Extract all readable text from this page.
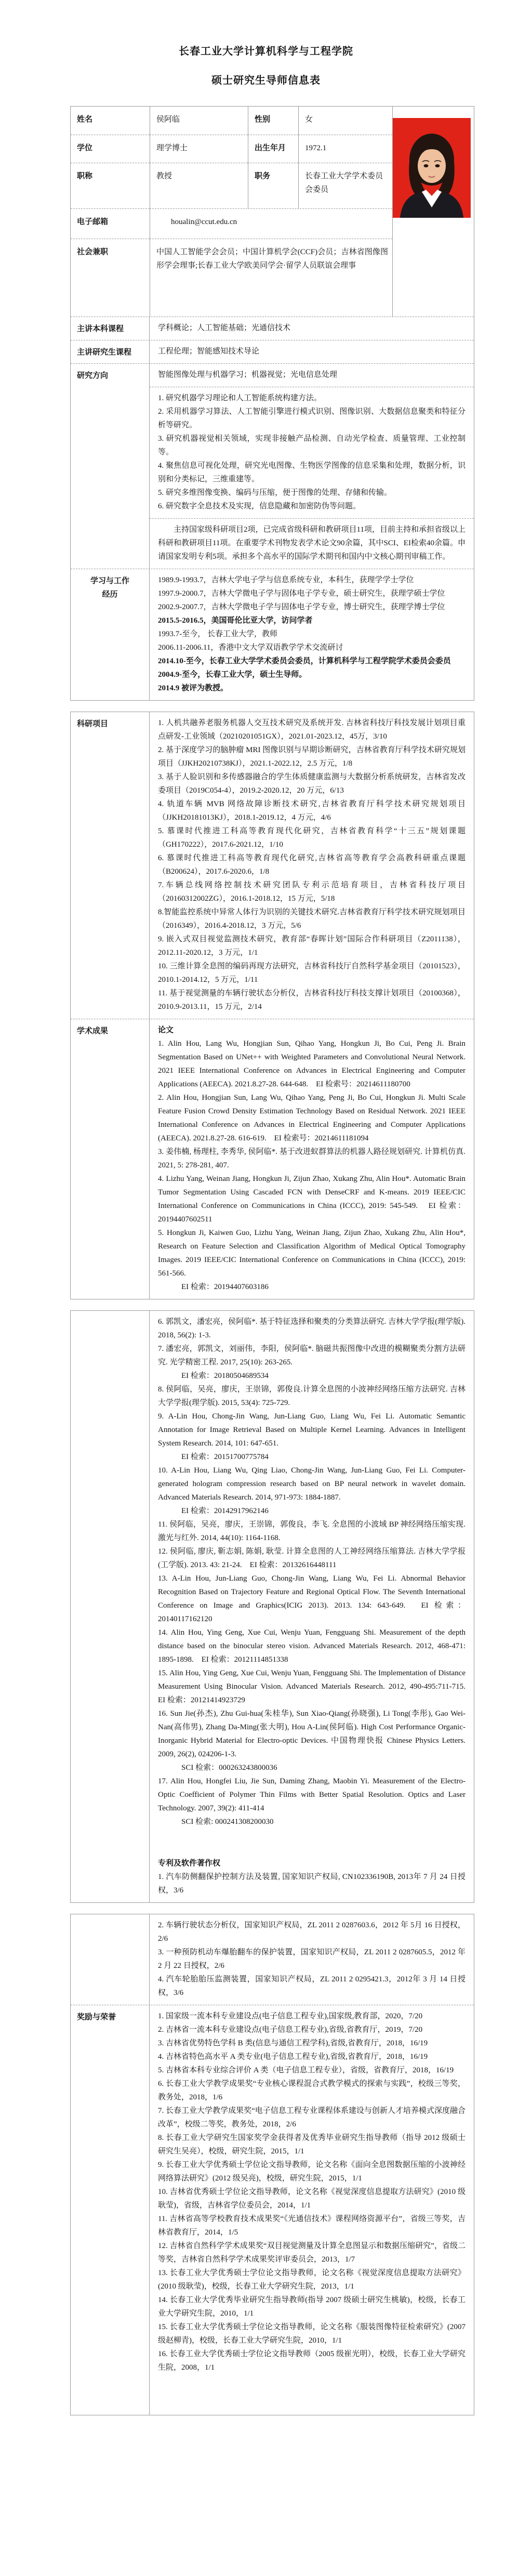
长春工业大学计算机科学与工程学院
硕士研究生导师信息表
姓名	侯阿临	性别	女
学位	理学博士	出生年月	1972.1
职称	教授	职务	长春工业大学学术委员会委员
电子邮箱	houalin@ccut.edu.cn
社会兼职	中国人工智能学会会员；中国计算机学会(CCF)会员；吉林省图像图形学会理事;长春工业大学欧美同学会·留学人员联谊会理事
主讲本科课程	学科概论；人工智能基础；光通信技术
主讲研究生课程	工程伦理；智能感知技术导论
研究方向	智能图像处理与机器学习；机器视觉；光电信息处理
1. 研究机器学习理论和人工智能系统构建方法。
2. 采用机器学习算法、人工智能引擎进行模式识别、图像识别、大数据信息聚类和特征分析等研究。
3. 研究机器视觉相关领域，实现非接触产品检测、自动光学检查、质量管理、工业控制等。
4. 聚焦信息可视化处理，研究光电图像、生物医学图像的信息采集和处理，数据分析，识别和分类标记，三维重建等。
5. 研究多维图像变换、编码与压缩，便于图像的处理、存储和传输。
6. 研究数字全息技术及实现，信息隐藏和加密防伪等问题。
主持国家级科研项目2项，已完成省级科研和教研项目11项，目前主持和承担省级以上科研和教研项目11项。在重要学术刊物发表学术论文90余篇，其中SCI、EI检索40余篇。申请国家发明专利5项。承担多个高水平的国际学术期刊和国内中文核心期刊审稿工作。
学习与工作
经历
1989.9-1993.7，吉林大学电子学与信息系统专业，本科生，获理学学士学位
1997.9-2000.7，吉林大学微电子学与固体电子学专业，硕士研究生，获理学硕士学位
2002.9-2007.7，吉林大学微电子学与固体电子学专业，博士研究生，获理学博士学位
2015.5-2016.5，美国哥伦比亚大学，访问学者
1993.7-至今， 长春工业大学，教师
2006.11-2006.11，香港中文大学双语教学学术交流研讨
2014.10-至今，长春工业大学学术委员会委员，计算机科学与工程学院学术委员会委员
2004.9-至今，长春工业大学，硕士生导师。
2014.9 被评为教授。
科研项目	1. 人机共融养老服务机器人交互技术研究及系统开发. 吉林省科技厅科技发展计划项目重点研发-工业领域（20210201051GX），2021.01-2023.12，45万，3/10
2. 基于深度学习的脑肿瘤 MRI 图像识别与早期诊断研究，吉林省教育厅科学技术研究规划项目（JJKH20210738KJ），2021.1-2022.12，2.5 万元，1/8
3. 基于人脸识别和多传感器融合的学生体质健康监测与大数据分析系统研发，吉林省发改委项目（2019C054-4），2019.2-2020.12，20 万元，6/13
4. 轨道车辆 MVB 网络故障诊断技术研究,吉林省教育厅科学技术研究规划项目（JJKH20181013KJ），2018.1-2019.12，4 万元，4/6
5. 慕课时代推进工科高等教育现代化研究，吉林省教育科学“十三五”规划课题（GH170222），2017.6-2021.12，1/10
6. 慕课时代推进工科高等教育现代化研究,吉林省高等教育学会高教科研重点课题（B200624），2017.6-2020.6，1/8
7.车辆总线网络控制技术研究团队专利示范培育项目，吉林省科技厅项目（20160312002ZG），2016.1-2018.12，15 万元，5/18
8.智能监控系统中异常人体行为识别的关键技术研究.吉林省教育厅科学技术研究规划项目（2016349），2016.4-2018.12，3 万元，5/6
9. 嵌入式双目视觉监测技术研究，教育部“春晖计划”国际合作科研项目（Z2011138），2012.11-2020.12，3 万元，1/1
10. 三维计算全息图的编码再现方法研究，吉林省科技厅自然科学基金项目（20101523），2010.1-2014.12，5 万元，1/11
11. 基于视觉测量的车辆行驶状态分析仪，吉林省科技厅科技支撑计划项目（20100368），2010.9-2013.11，15 万元，2/14
学术成果	论文
1. Alin Hou, Lang Wu, Hongjian Sun, Qihao Yang, Hongkun Ji, Bo Cui, Peng Ji. Brain Segmentation Based on UNet++ with Weighted Parameters and Convolutional Neural Network. 2021 IEEE International Conference on Advances in Electrical Engineering and Computer Applications (AEECA). 2021.8.27-28. 644-648.　EI 检索号：20214611180700
2. Alin Hou, Hongjian Sun, Lang Wu, Qihao Yang, Peng Ji, Bo Cui, Hongkun Ji. Multi Scale Feature Fusion Crowd Density Estimation Technology Based on Residual Network. 2021 IEEE International Conference on Advances in Electrical Engineering and Computer Applications (AEECA). 2021.8.27-28. 616-619.　EI 检索号：20214611181094
3. 姜伟楠, 杨理柱, 李秀华, 侯阿临*. 基于改进蚁群算法的机器人路径规划研究. 计算机仿真. 2021, 5: 278-281, 407.
4. Lizhu Yang, Weinan Jiang, Hongkun Ji, Zijun Zhao, Xukang Zhu, Alin Hou*. Automatic Brain Tumor Segmentation Using Cascaded FCN with DenseCRF and K-means. 2019 IEEE/CIC International Conference on Communications in China (ICCC), 2019: 545-549.　EI 检索：20194407602511
5. Hongkun Ji, Kaiwen Guo, Lizhu Yang, Weinan Jiang, Zijun Zhao, Xukang Zhu, Alin Hou*, Research on Feature Selection and Classification Algorithm of Medical Optical Tomography Images. 2019 IEEE/CIC International Conference on Communications in China (ICCC), 2019: 561-566.
EI 检索：20194407603186
6. 郭凯文，潘宏亮，侯阿临*. 基于特征选择和聚类的分类算法研究. 吉林大学学报(理学版). 2018, 56(2): 1-3.
7. 潘宏亮，郭凯文，刘丽伟，李阳，侯阿临*. 脑磁共振图像中改进的模糊聚类分割方法研究. 光学精密工程. 2017, 25(10): 263-265.
EI 检索：20180504689534
8. 侯阿临，吴亮，廖庆，王崇锦，郭俊良.计算全息图的小波神经网络压缩方法研究. 吉林大学学报(理学版). 2015, 53(4): 725-729.
9. A-Lin Hou, Chong-Jin Wang, Jun-Liang Guo, Liang Wu, Fei Li. Automatic Semantic Annotation for Image Retrieval Based on Multiple Kernel Learning. Advances in Intelligent System Research. 2014, 101: 647-651.
EI 检索：20151700775784
10. A-Lin Hou, Liang Wu, Qing Liao, Chong-Jin Wang, Jun-Liang Guo, Fei Li. Computer-generated hologram compression research based on BP neural network in wavelet domain. Advanced Materials Research. 2014, 971-973: 1884-1887.
EI 检索：20142917962146
11. 侯阿临，吴亮，廖庆，王崇锦，郭俊良，李飞. 全息图的小波域 BP 神经网络压缩实现. 激光与红外. 2014, 44(10): 1164-1168.
12. 侯阿临, 廖庆, 靳志娟, 陈娟, 耿莹. 计算全息图的人工神经网络压缩算法. 吉林大学学报(工学版). 2013. 43: 21-24.　EI 检索：20132616448111
13. A-Lin Hou, Jun-Liang Guo, Chong-Jin Wang, Liang Wu, Fei Li. Abnormal Behavior Recognition Based on Trajectory Feature and Regional Optical Flow. The Seventh International Conference on Image and Graphics(ICIG 2013). 2013. 134: 643-649.　EI 检索：20140117162120
14. Alin Hou, Ying Geng, Xue Cui, Wenju Yuan, Fengguang Shi. Measurement of the depth distance based on the binocular stereo vision. Advanced Materials Research. 2012, 468-471: 1895-1898.　EI 检索：20121114851338
15. Alin Hou, Ying Geng, Xue Cui, Wenju Yuan, Fengguang Shi. The Implementation of Distance Measurement Using Binocular Vision. Advanced Materials Research. 2012, 490-495:711-715.　EI 检索：20121414923729
16. Sun Jie(孙杰), Zhu Gui-hua(朱桂华), Sun Xiao-Qiang(孙晓强), Li Tong(李彤), Gao Wei-Nan(高伟男), Zhang Da-Ming(张大明), Hou A-Lin(侯阿临). High Cost Performance Organic-Inorganic Hybrid Material for Electro-optic Devices. 中国物理快报 Chinese Physics Letters. 2009, 26(2), 024206-1-3.
SCI 检索：000263243800036
17. Alin Hou, Hongfei Liu, Jie Sun, Daming Zhang, Maobin Yi. Measurement of the Electro-Optic Coefficient of Polymer Thin Films with Better Spatial Resolution. Optics and Laser Technology. 2007, 39(2): 411-414
SCI 检索: 000241308200030
专利及软件著作权
1. 汽车防侧翻保护控制方法及装置, 国家知识产权局, CN102336190B, 2013年 7 月 24 日授权，3/6
2. 车辆行驶状态分析仪，国家知识产权局，ZL 2011 2 0287603.6，2012 年 5月 16 日授权，2/6
3. 一种预防机动车爆胎翻车的保护装置，国家知识产权局，ZL 2011 2 0287605.5，2012 年 2 月 22 日授权，2/6
4. 汽车轮胎胎压监测装置，国家知识产权局，ZL 2011 2 0295421.3，2012年 3 月 14 日授权，3/6
奖励与荣誉	1. 国家级一流本科专业建设点(电子信息工程专业),国家级,教育部，2020，7/20
2. 吉林省一流本科专业建设点(电子信息工程专业),省级,省教育厅，2019，7/20
3. 吉林省优势特色学科 B 类(信息与通信工程学科),省级,省教育厅，2018，16/19
4. 吉林省特色高水平 A 类专业(电子信息工程专业),省级,省教育厅，2018，16/19
5. 吉林省本科专业综合评价 A 类（电子信息工程专业），省级，省教育厅，2018，16/19
6. 长春工业大学教学成果奖“专业核心课程混合式教学模式的探索与实践”，校级三等奖，教务处，2018，1/6
7. 长春工业大学教学成果奖“电子信息工程专业课程体系建设与创新人才培养模式深度融合改革”，校级二等奖，教务处，2018，2/6
8. 长春工业大学研究生国家奖学金获得者及优秀毕业研究生指导教师（指导 2012 级硕士研究生吴亮），校级，研究生院，2015，1/1
9. 长春工业大学优秀硕士学位论文指导教师，论文名称《面向全息图数据压缩的小波神经网络算法研究》(2012 级吴亮)，校级，研究生院，2015，1/1
10. 吉林省优秀硕士学位论文指导教师，论文名称《视觉深度信息提取方法研究》(2010 级耿莹)，省级，吉林省学位委员会，2014，1/1
11. 吉林省高等学校教育技术成果奖“《光通信技术》课程网络资源平台”，省级三等奖，吉林省教育厅，2014，1/5
12. 吉林省自然科学学术成果奖“双目视觉测量及计算全息图显示和数据压缩研究”，省级二等奖，吉林省自然科学学术成果奖评审委员会，2013，1/7
13. 长春工业大学优秀硕士学位论文指导教师，论文名称《视觉深度信息提取方法研究》(2010 级耿莹)，校级，长春工业大学研究生院，2013，1/1
14. 长春工业大学优秀毕业研究生指导教师(指导 2007 级硕士研究生桃敏)，校级，长春工业大学研究生院，2010，1/1
15. 长春工业大学优秀硕士学位论文指导教师，论文名称《服装图像特征检索研究》(2007 级赵柳青)，校级，长春工业大学研究生院，2010，1/1
16. 长春工业大学优秀硕士学位论文指导教师（2005 级崔光明），校级，长春工业大学研究生院，2008，1/1
